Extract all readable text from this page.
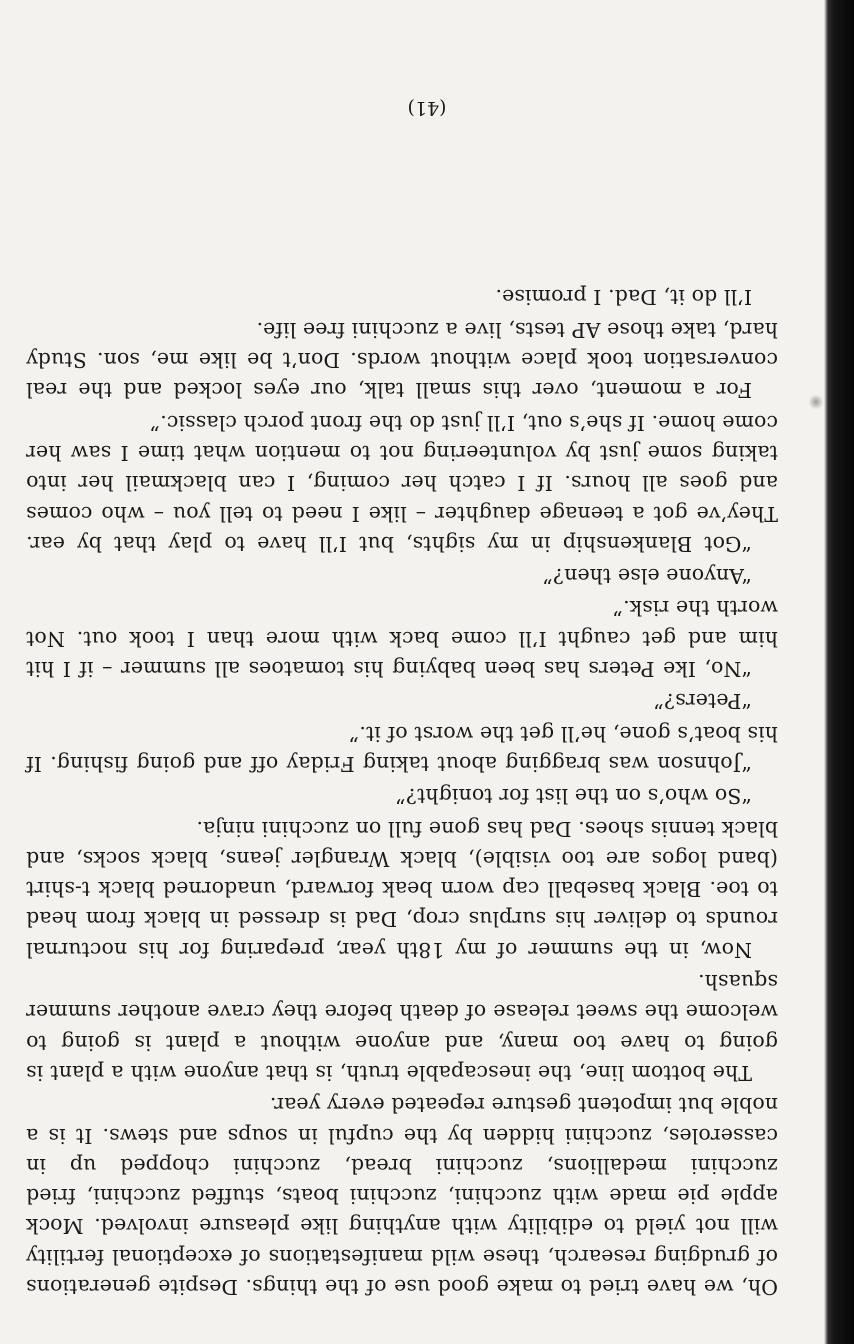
Oh, we have tried to make good use of the things. Despite generations of grudging research, these wild manifestations of exceptional fertility will not yield to edibility with anything like pleasure involved. Mock apple pie made with zucchini, zucchini boats, stuffed zucchini, fried zucchini medallions, zucchini bread, zucchini chopped up in casseroles, zucchini hidden by the cupful in soups and stews. It is a noble but impotent gesture repeated every year.

The bottom line, the inescapable truth, is that anyone with a plant is going to have too many, and anyone without a plant is going to welcome the sweet release of death before they crave another summer squash.

Now, in the summer of my 18th year, preparing for his nocturnal rounds to deliver his surplus crop, Dad is dressed in black from head to toe. Black baseball cap worn beak forward, unadorned black t-shirt (band logos are too visible), black Wrangler jeans, black socks, and black tennis shoes. Dad has gone full on zucchini ninja.

“So who’s on the list for tonight?”

“Johnson was bragging about taking Friday off and going fishing. If his boat’s gone, he’ll get the worst of it.”

“Peters?”

“No, Ike Peters has been babying his tomatoes all summer – if I hit him and get caught I’ll come back with more than I took out. Not worth the risk.”

“Anyone else then?”

“Got Blankenship in my sights, but I’ll have to play that by ear. They’ve got a teenage daughter – like I need to tell you – who comes and goes all hours. If I catch her coming, I can blackmail her into taking some just by volunteering not to mention what time I saw her come home. If she’s out, I’ll just do the front porch classic.”

For a moment, over this small talk, our eyes locked and the real conversation took place without words. Don’t be like me, son. Study hard, take those AP tests, live a zucchini free life.

I’ll do it, Dad. I promise.

(41)
